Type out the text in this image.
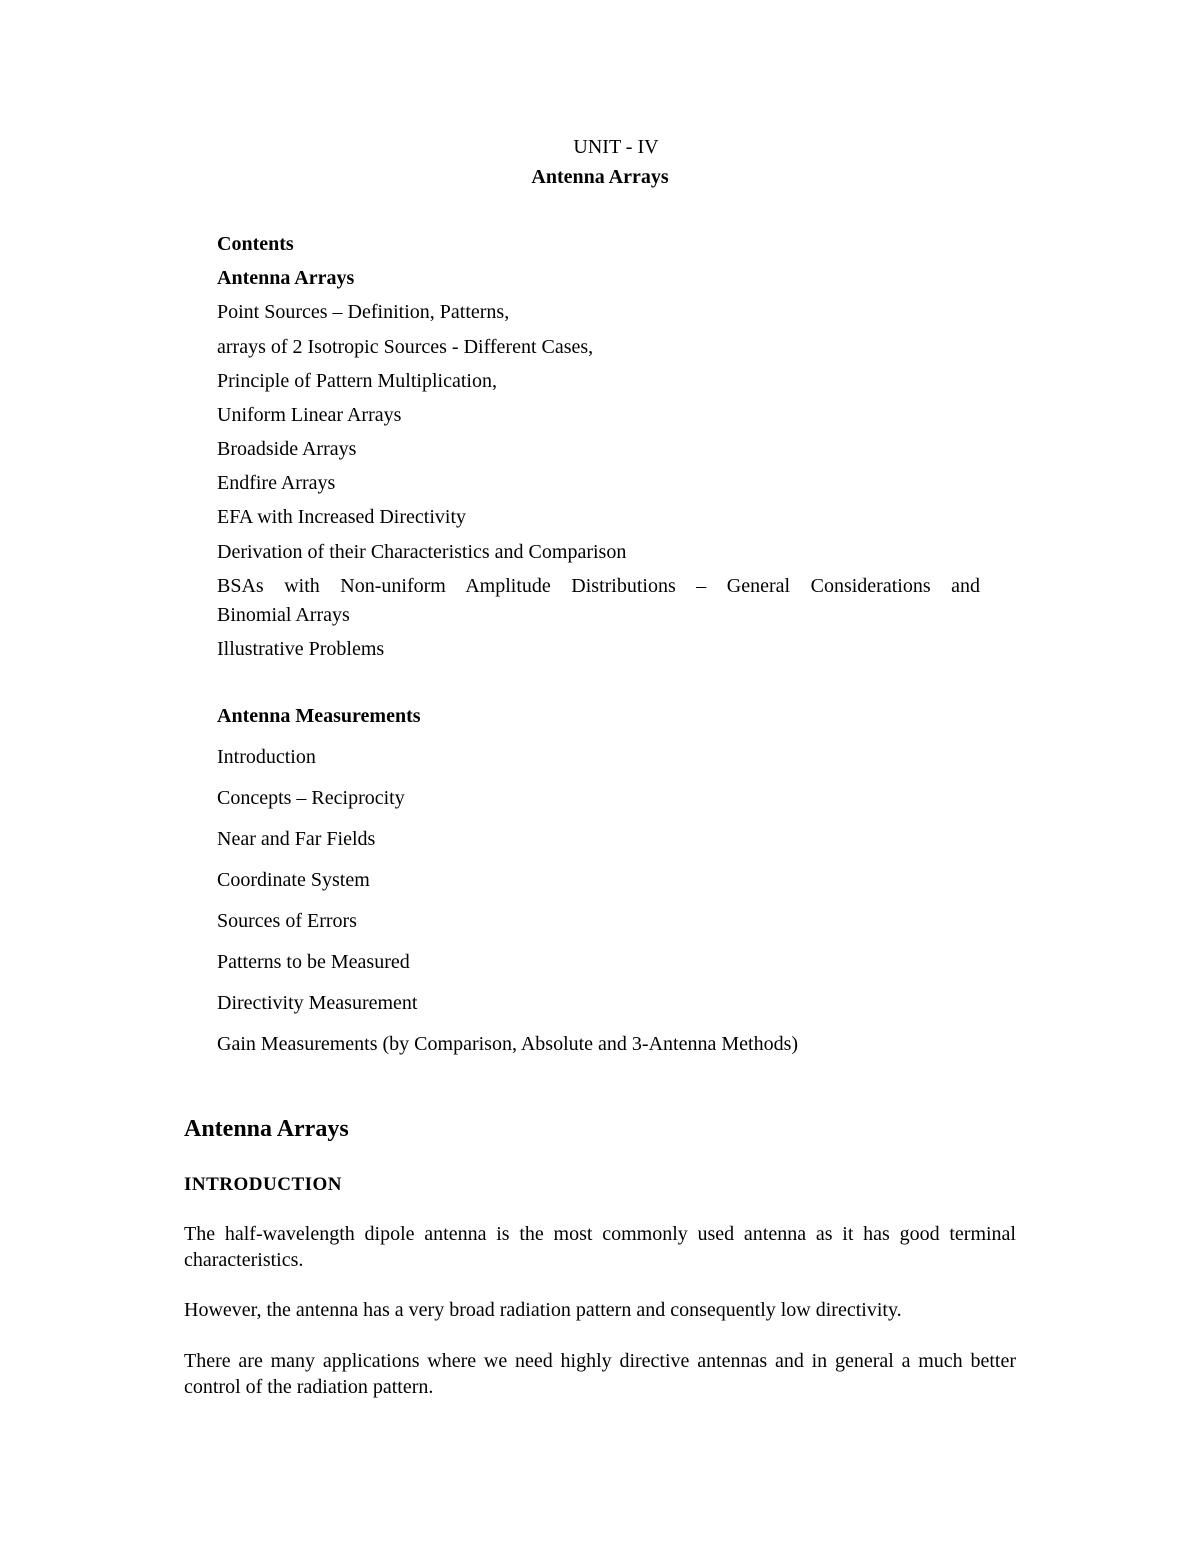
UNIT - IV
Antenna Arrays
Contents
Antenna Arrays
Point Sources – Definition, Patterns,
arrays of 2 Isotropic Sources - Different Cases,
Principle of Pattern Multiplication,
Uniform Linear Arrays
Broadside Arrays
Endfire Arrays
EFA with Increased Directivity
Derivation of their Characteristics and Comparison
BSAs with Non-uniform Amplitude Distributions – General Considerations and
Binomial Arrays
Illustrative Problems
Antenna Measurements
Introduction
Concepts – Reciprocity
Near and Far Fields
Coordinate System
Sources of Errors
Patterns to be Measured
Directivity Measurement
Gain Measurements (by Comparison, Absolute and 3-Antenna Methods)
Antenna Arrays
INTRODUCTION
The half-wavelength dipole antenna is the most commonly used antenna as it has good terminal characteristics.
However, the antenna has a very broad radiation pattern and consequently low directivity.
There are many applications where we need highly directive antennas and in general a much better control of the radiation pattern.
